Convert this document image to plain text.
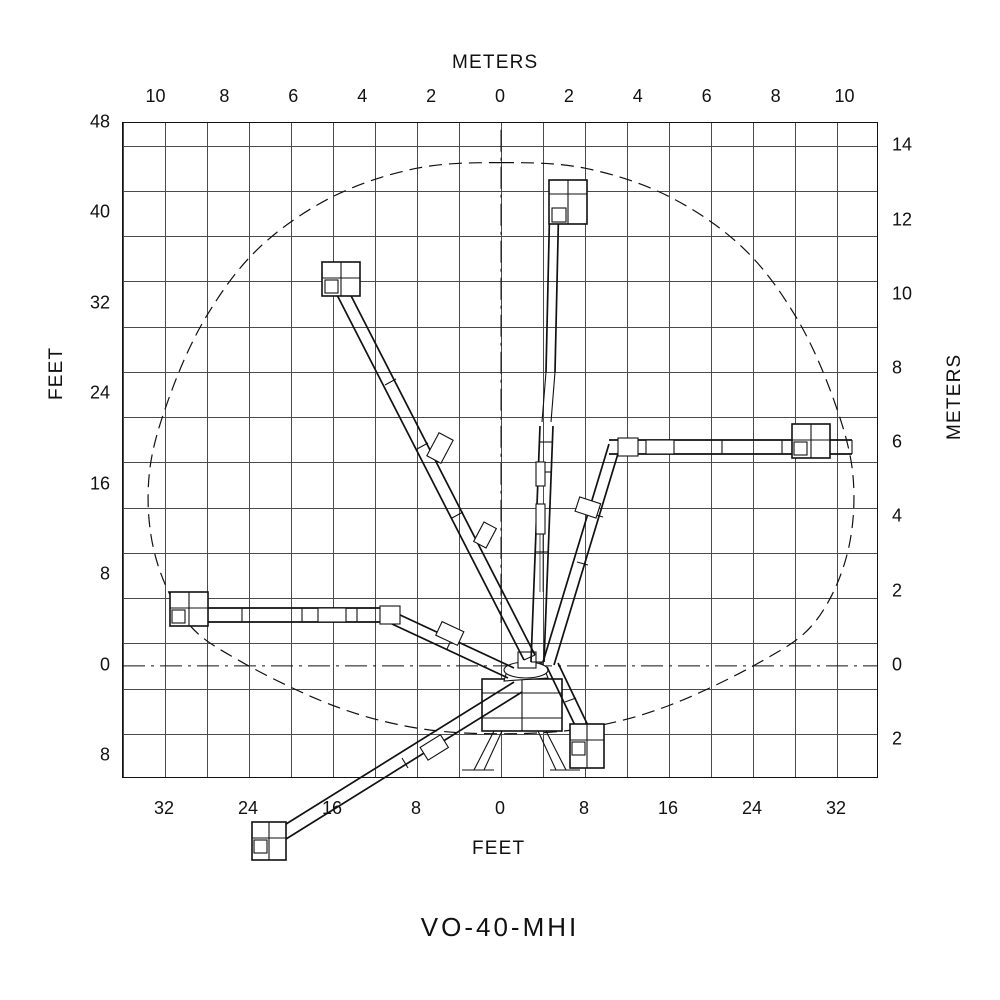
METERS
FEET
FEET	METERS
10	8	6	4	2	0	2	4	6	8	10
32	24	16	8	0	8	16	24	32
48
40
32
24
16
8
0
8
14
12
10
8
6
4
2
0
2
VO-40-MHI
